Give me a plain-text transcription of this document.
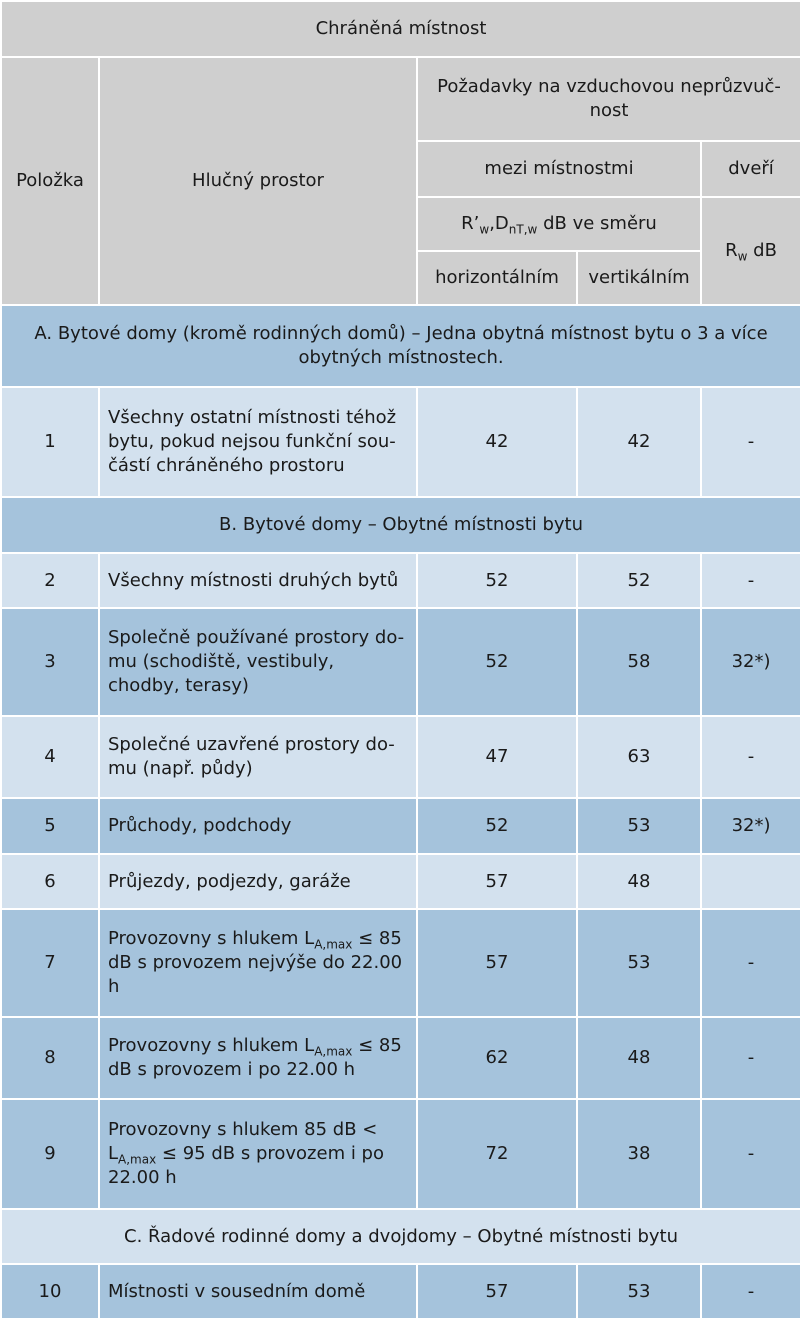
Chráněná místnost				
Položka	Hlučný prostor	Požadavky na vzduchovou neprůzvuč-nost		
		mezi místnostmi		dveří
		$R’_w,D_{nT,w}$ dB ve směru		$R_w$ dB
		horizontálním	vertikálním	
A. Bytové domy (kromě rodinných domů) – Jedna obytná místnost bytu o 3 a více obytných místnostech.				
1	Všechny ostatní místnosti téhož bytu, pokud nejsou funkční sou-částí chráněného prostoru	42	42	-
B. Bytové domy – Obytné místnosti bytu				
2	Všechny místnosti druhých bytů	52	52	-
3	Společně používané prostory do-mu (schodiště, vestibuly, chodby, terasy)	52	58	32*)
4	Společné uzavřené prostory do-mu (např. půdy)	47	63	-
5	Průchody, podchody	52	53	32*)
6	Průjezdy, podjezdy, garáže	57	48	
7	Provozovny s hlukem $L_{A,max} \le 85$ dB s provozem nejvýše do 22.00 h	57	53	-
8	Provozovny s hlukem $L_{A,max} \le 85$ dB s provozem i po 22.00 h	62	48	-
9	Provozovny s hlukem 85 dB < $L_{A,max} \le 95$ dB s provozem i po 22.00 h	72	38	-
C. Řadové rodinné domy a dvojdomy – Obytné místnosti bytu				
10	Místnosti v sousedním domě	57	53	-
